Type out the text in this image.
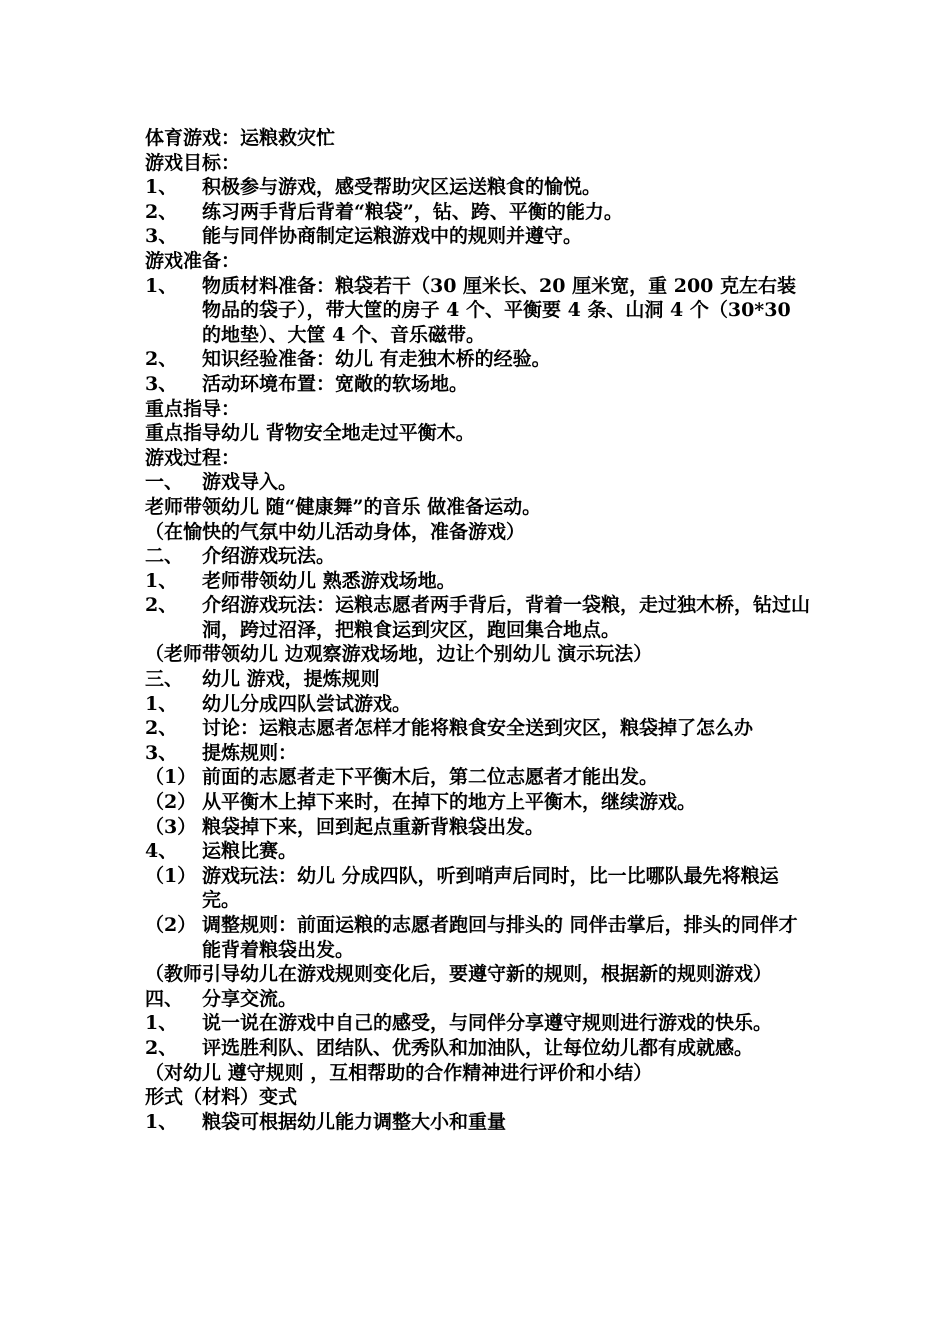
体育游戏：运粮救灾忙
游戏目标：
1、	积极参与游戏，感受帮助灾区运送粮食的愉悦。
2、	练习两手背后背着“粮袋”，钻、跨、平衡的能力。
3、	能与同伴协商制定运粮游戏中的规则并遵守。
游戏准备：
1、	物质材料准备：粮袋若干（30 厘米长、20 厘米宽，重 200 克左右装物品的袋子），带大筐的房子 4 个、平衡要 4 条、山洞 4 个（30*30 的地垫）、大筐 4 个、音乐磁带。
2、	知识经验准备：幼儿 有走独木桥的经验。
3、	活动环境布置：宽敞的软场地。
重点指导：
重点指导幼儿 背物安全地走过平衡木。
游戏过程：
一、 游戏导入。
老师带领幼儿 随“健康舞”的音乐 做准备运动。
（在愉快的气氛中幼儿活动身体，准备游戏）
二、 介绍游戏玩法。
1、	老师带领幼儿 熟悉游戏场地。
2、	介绍游戏玩法：运粮志愿者两手背后，背着一袋粮，走过独木桥，钻过山洞，跨过沼泽，把粮食运到灾区，跑回集合地点。
（老师带领幼儿 边观察游戏场地，边让个别幼儿 演示玩法）
三、 幼儿 游戏，提炼规则
1、	幼儿分成四队尝试游戏。
2、	讨论：运粮志愿者怎样才能将粮食安全送到灾区，粮袋掉了怎么办
3、	提炼规则：
（1） 前面的志愿者走下平衡木后，第二位志愿者才能出发。
（2） 从平衡木上掉下来时，在掉下的地方上平衡木，继续游戏。
（3） 粮袋掉下来，回到起点重新背粮袋出发。
4、	运粮比赛。
（1） 游戏玩法：幼儿 分成四队，听到哨声后同时，比一比哪队最先将粮运完。
（2） 调整规则：前面运粮的志愿者跑回与排头的 同伴击掌后，排头的同伴才能背着粮袋出发。
（教师引导幼儿在游戏规则变化后，要遵守新的规则，根据新的规则游戏）
四、 分享交流。
1、	说一说在游戏中自己的感受，与同伴分享遵守规则进行游戏的快乐。
2、	评选胜利队、团结队、优秀队和加油队，让每位幼儿都有成就感。
（对幼儿 遵守规则 ，互相帮助的合作精神进行评价和小结）
形式（材料）变式
1、	粮袋可根据幼儿能力调整大小和重量
